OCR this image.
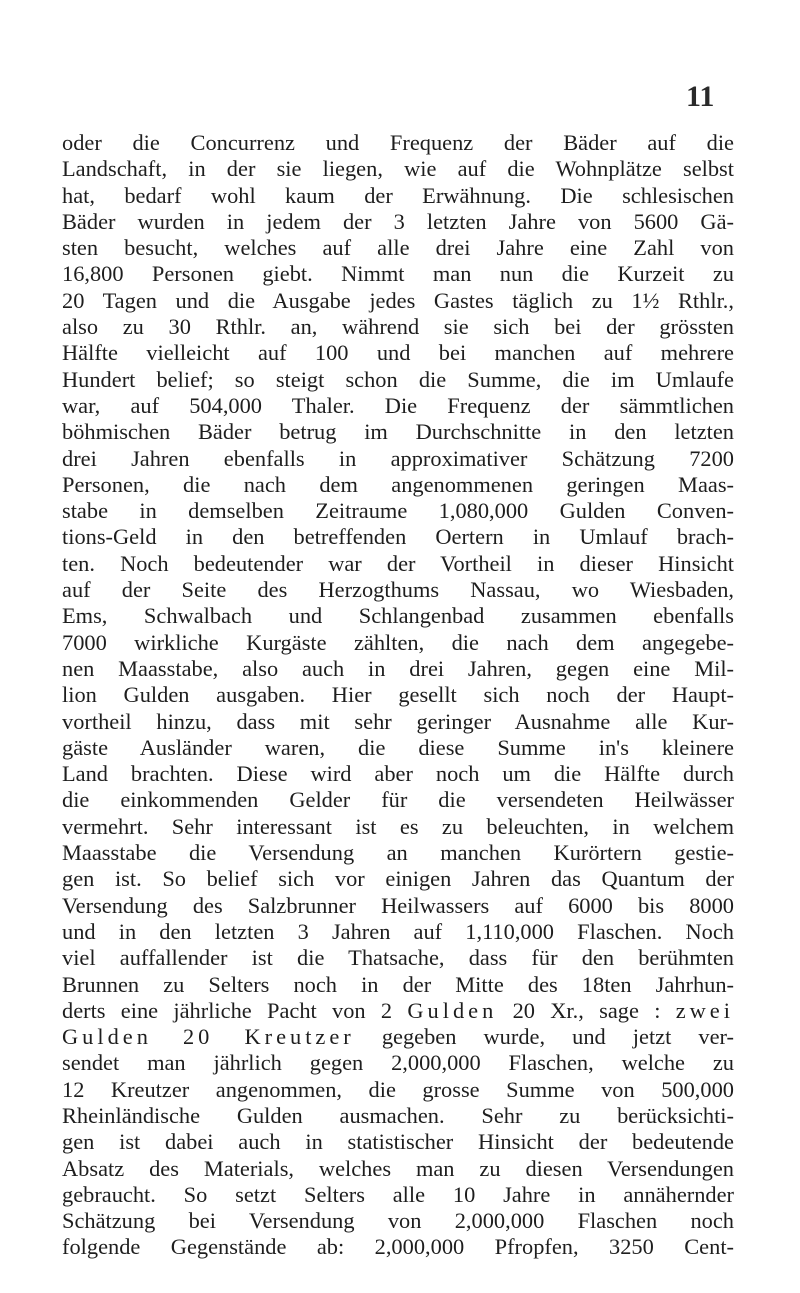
11
oder die Concurrenz und Frequenz der Bäder auf die
Landschaft, in der sie liegen, wie auf die Wohnplätze selbst
hat, bedarf wohl kaum der Erwähnung. Die schlesischen
Bäder wurden in jedem der 3 letzten Jahre von 5600 Gä-
sten besucht, welches auf alle drei Jahre eine Zahl von
16,800 Personen giebt. Nimmt man nun die Kurzeit zu
20 Tagen und die Ausgabe jedes Gastes täglich zu 1½ Rthlr.,
also zu 30 Rthlr. an, während sie sich bei der grössten
Hälfte vielleicht auf 100 und bei manchen auf mehrere
Hundert belief; so steigt schon die Summe, die im Umlaufe
war, auf 504,000 Thaler. Die Frequenz der sämmtlichen
böhmischen Bäder betrug im Durchschnitte in den letzten
drei Jahren ebenfalls in approximativer Schätzung 7200
Personen, die nach dem angenommenen geringen Maas-
stabe in demselben Zeitraume 1,080,000 Gulden Conven-
tions-Geld in den betreffenden Oertern in Umlauf brach-
ten. Noch bedeutender war der Vortheil in dieser Hinsicht
auf der Seite des Herzogthums Nassau, wo Wiesbaden,
Ems, Schwalbach und Schlangenbad zusammen ebenfalls
7000 wirkliche Kurgäste zählten, die nach dem angegebe-
nen Maasstabe, also auch in drei Jahren, gegen eine Mil-
lion Gulden ausgaben. Hier gesellt sich noch der Haupt-
vortheil hinzu, dass mit sehr geringer Ausnahme alle Kur-
gäste Ausländer waren, die diese Summe in's kleinere
Land brachten. Diese wird aber noch um die Hälfte durch
die einkommenden Gelder für die versendeten Heilwässer
vermehrt. Sehr interessant ist es zu beleuchten, in welchem
Maasstabe die Versendung an manchen Kurörtern gestie-
gen ist. So belief sich vor einigen Jahren das Quantum der
Versendung des Salzbrunner Heilwassers auf 6000 bis 8000
und in den letzten 3 Jahren auf 1,110,000 Flaschen. Noch
viel auffallender ist die Thatsache, dass für den berühmten
Brunnen zu Selters noch in der Mitte des 18ten Jahrhun-
derts eine jährliche Pacht von 2 Gulden 20 Xr., sage : zwei
Gulden 20 Kreutzer gegeben wurde, und jetzt ver-
sendet man jährlich gegen 2,000,000 Flaschen, welche zu
12 Kreutzer angenommen, die grosse Summe von 500,000
Rheinländische Gulden ausmachen. Sehr zu berücksichti-
gen ist dabei auch in statistischer Hinsicht der bedeutende
Absatz des Materials, welches man zu diesen Versendungen
gebraucht. So setzt Selters alle 10 Jahre in annähernder
Schätzung bei Versendung von 2,000,000 Flaschen noch
folgende Gegenstände ab: 2,000,000 Pfropfen, 3250 Cent-
